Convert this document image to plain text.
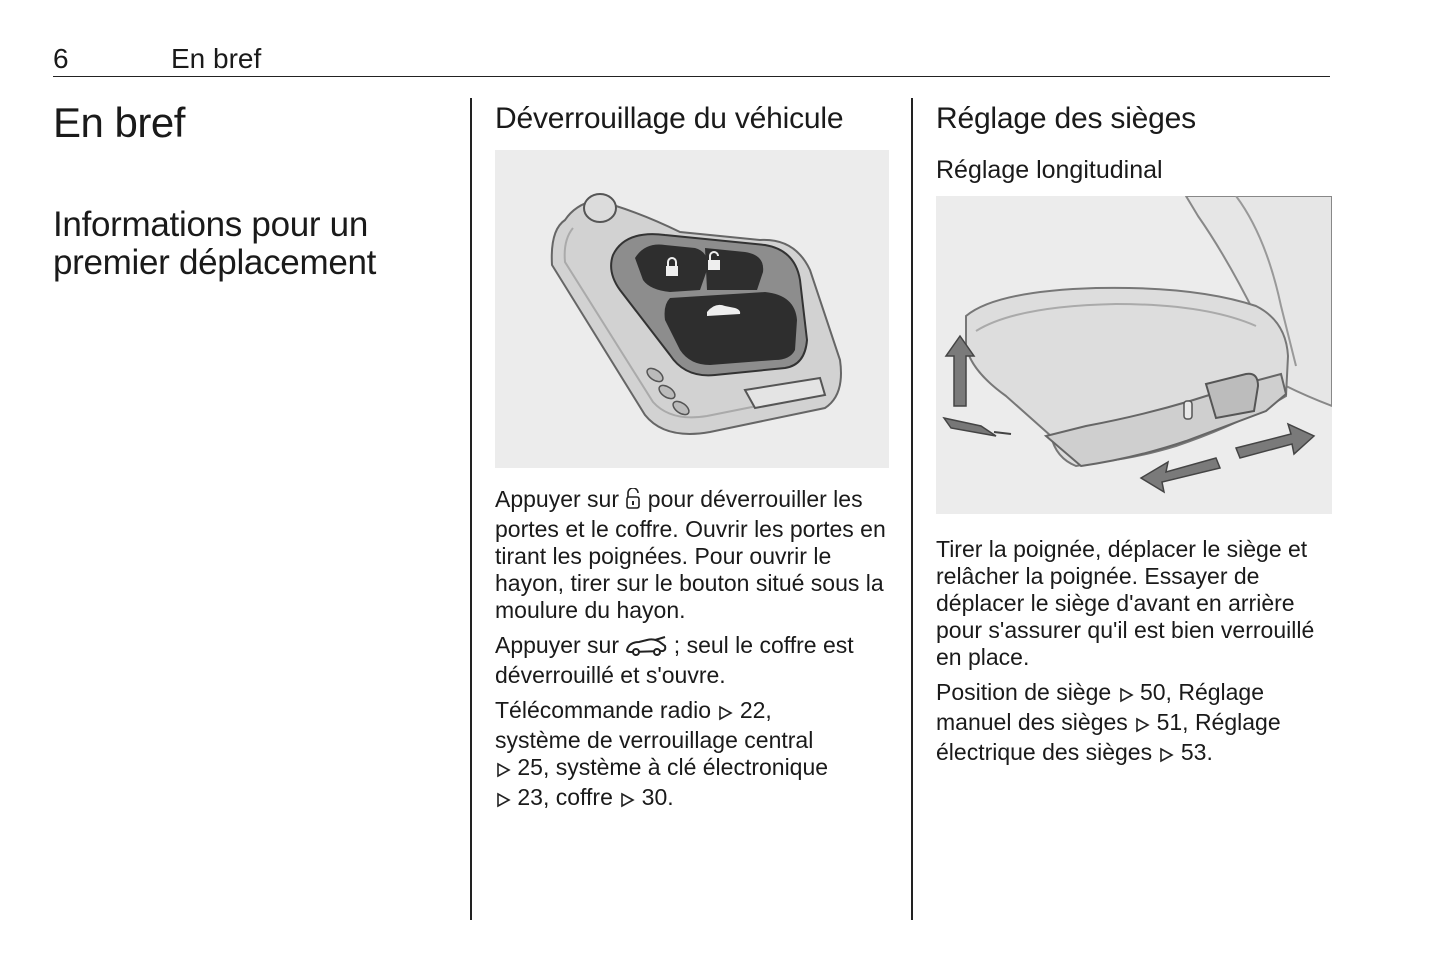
6	En bref
En bref
Informations pour un premier déplacement
Déverrouillage du véhicule

Appuyer sur pour déverrouiller les portes et le coffre. Ouvrir les portes en tirant les poignées. Pour ouvrir le hayon, tirer sur le bouton situé sous la moulure du hayon.

Appuyer sur ; seul le coffre est déverrouillé et s'ouvre.

Télécommande radio 22,
système de verrouillage central
25, système à clé électronique
23, coffre 30.

Réglage des sièges
Réglage longitudinal

Tirer la poignée, déplacer le siège et relâcher la poignée. Essayer de déplacer le siège d'avant en arrière pour s'assurer qu'il est bien verrouillé en place.

Position de siège 50, Réglage manuel des sièges 51, Réglage électrique des sièges 53.
